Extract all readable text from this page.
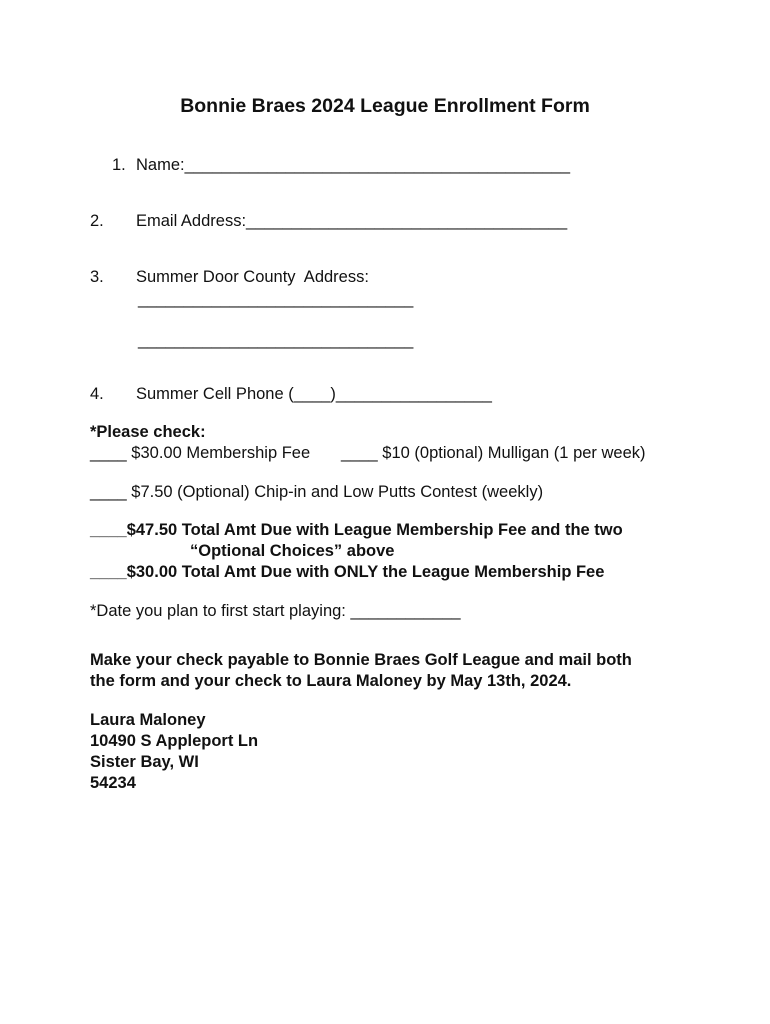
Bonnie Braes 2024 League Enrollment Form
1. Name:__________________________________________
2. Email Address:___________________________________
3. Summer Door County  Address:
______________________________
______________________________
4. Summer Cell Phone (____)_________________
*Please check:
____ $30.00 Membership Fee ____ $10 (0ptional) Mulligan (1 per week)
____ $7.50 (Optional) Chip-in and Low Putts Contest (weekly)
____$47.50 Total Amt Due with League Membership Fee and the two
“Optional Choices” above
____$30.00 Total Amt Due with ONLY the League Membership Fee
*Date you plan to first start playing: ____________
Make your check payable to Bonnie Braes Golf League and mail both
the form and your check to Laura Maloney by May 13th, 2024.
Laura Maloney
10490 S Appleport Ln
Sister Bay, WI
54234
